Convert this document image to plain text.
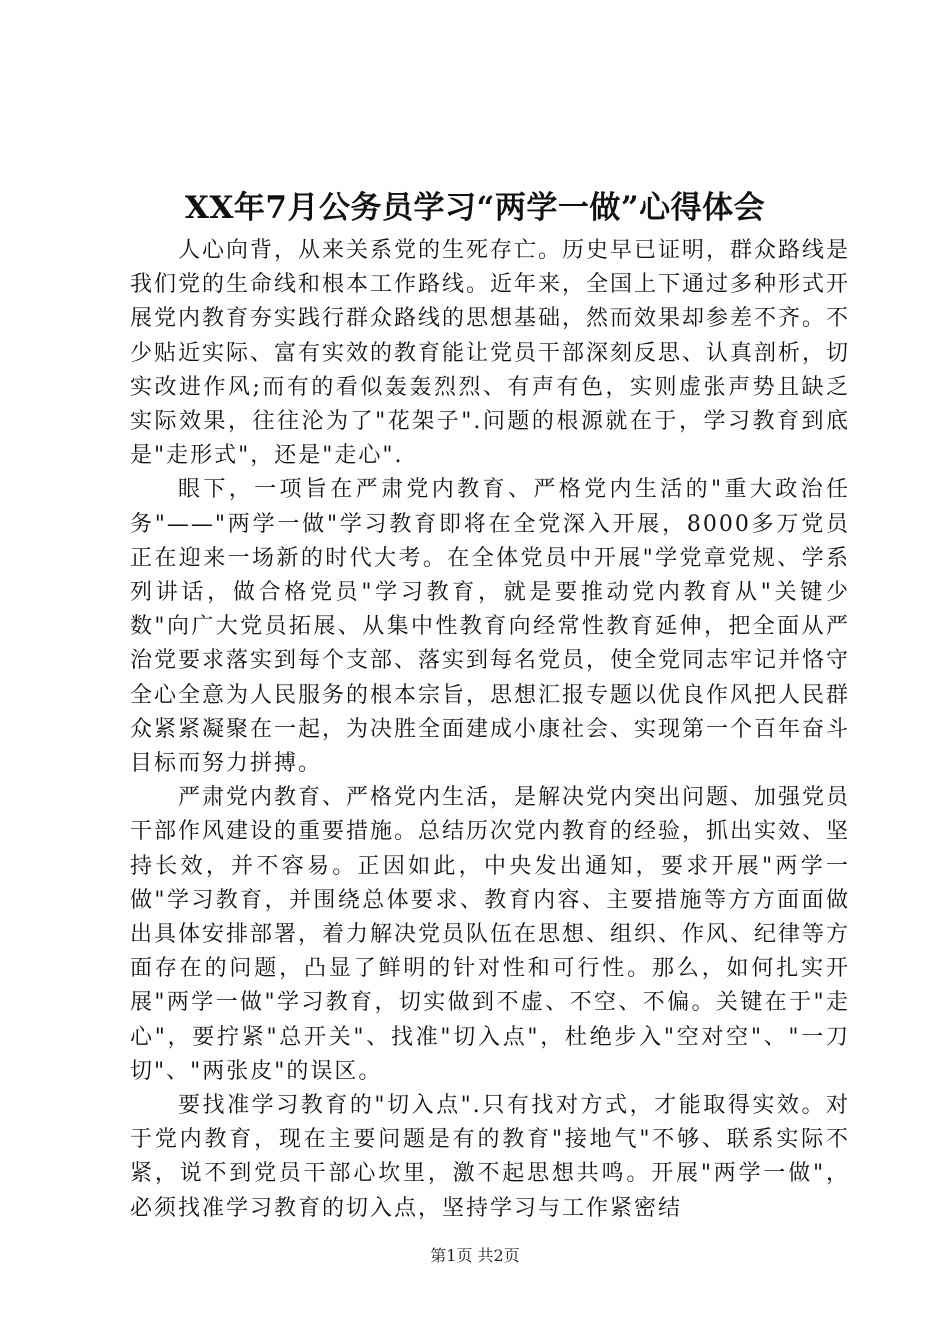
XX年7月公务员学习“两学一做”心得体会

人心向背，从来关系党的生死存亡。历史早已证明，群众路线是我们党的生命线和根本工作路线。近年来，全国上下通过多种形式开展党内教育夯实践行群众路线的思想基础，然而效果却参差不齐。不少贴近实际、富有实效的教育能让党员干部深刻反思、认真剖析，切实改进作风;而有的看似轰轰烈烈、有声有色，实则虚张声势且缺乏实际效果，往往沦为了"花架子".问题的根源就在于，学习教育到底是"走形式"，还是"走心".

眼下，一项旨在严肃党内教育、严格党内生活的"重大政治任务"——"两学一做"学习教育即将在全党深入开展，8000多万党员正在迎来一场新的时代大考。在全体党员中开展"学党章党规、学系列讲话，做合格党员"学习教育，就是要推动党内教育从"关键少数"向广大党员拓展、从集中性教育向经常性教育延伸，把全面从严治党要求落实到每个支部、落实到每名党员，使全党同志牢记并恪守全心全意为人民服务的根本宗旨，思想汇报专题以优良作风把人民群众紧紧凝聚在一起，为决胜全面建成小康社会、实现第一个百年奋斗目标而努力拼搏。

严肃党内教育、严格党内生活，是解决党内突出问题、加强党员干部作风建设的重要措施。总结历次党内教育的经验，抓出实效、坚持长效，并不容易。正因如此，中央发出通知，要求开展"两学一做"学习教育，并围绕总体要求、教育内容、主要措施等方方面面做出具体安排部署，着力解决党员队伍在思想、组织、作风、纪律等方面存在的问题，凸显了鲜明的针对性和可行性。那么，如何扎实开展"两学一做"学习教育，切实做到不虚、不空、不偏。关键在于"走心"，要拧紧"总开关"、找准"切入点"，杜绝步入"空对空"、"一刀切"、"两张皮"的误区。

要找准学习教育的"切入点".只有找对方式，才能取得实效。对于党内教育，现在主要问题是有的教育"接地气"不够、联系实际不紧，说不到党员干部心坎里，激不起思想共鸣。开展"两学一做"，必须找准学习教育的切入点，坚持学习与工作紧密结

第1页 共2页
